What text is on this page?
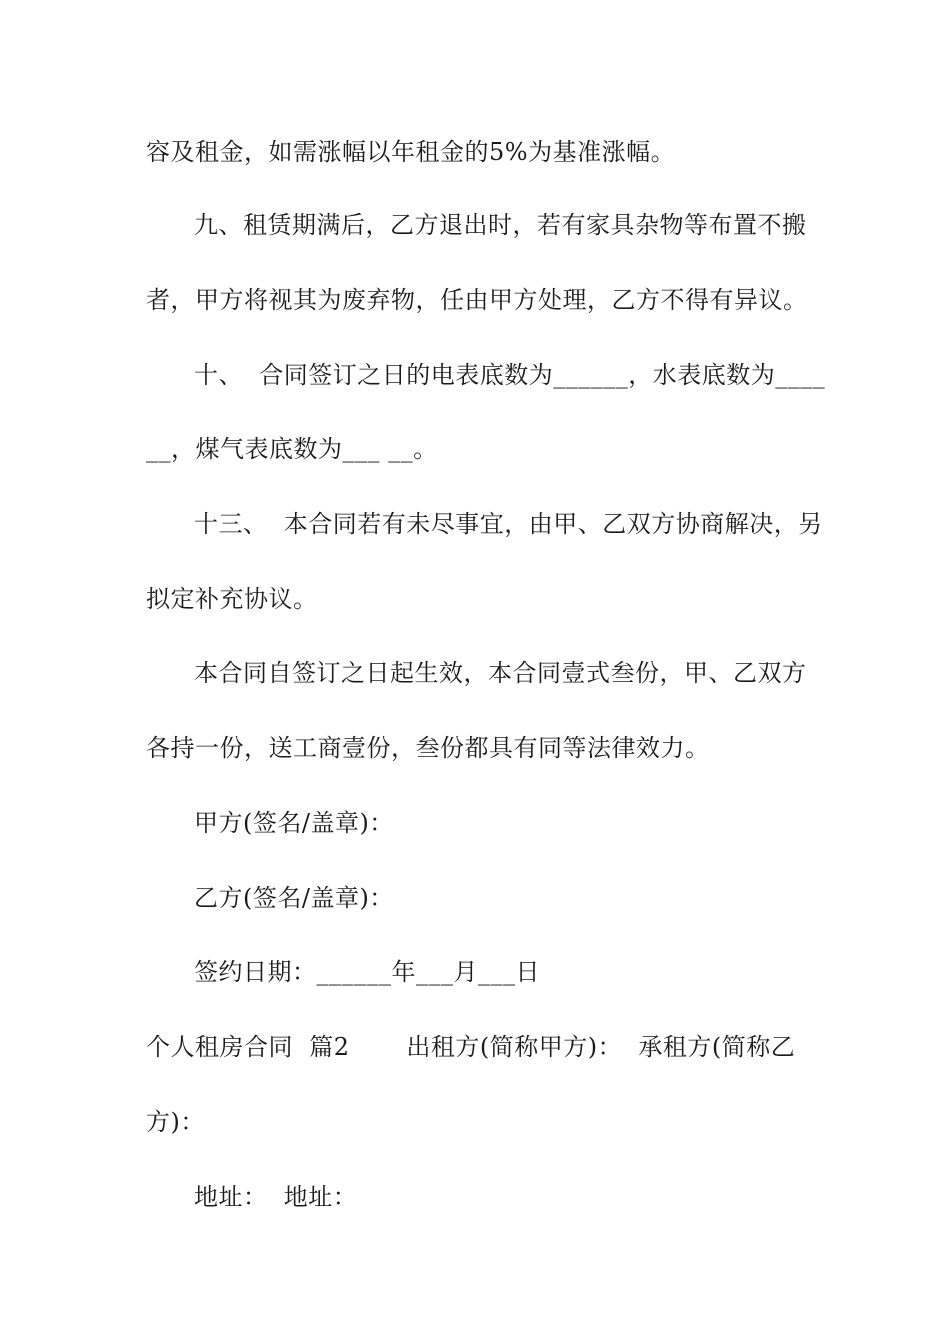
容及租金，如需涨幅以年租金的5%为基准涨幅。
九、租赁期满后，乙方退出时，若有家具杂物等布置不搬
者，甲方将视其为废弃物，任由甲方处理，乙方不得有异议。
十、  合同签订之日的电表底数为______，水表底数为____
__，煤气表底数为___ __。
十三、  本合同若有未尽事宜，由甲、乙双方协商解决，另
拟定补充协议。
本合同自签订之日起生效，本合同壹式叁份，甲、乙双方
各持一份，送工商壹份，叁份都具有同等法律效力。
甲方(签名/盖章)：
乙方(签名/盖章)：
签约日期：______年___月___日
个人租房合同  篇2       出租方(简称甲方)：  承租方(简称乙
方)：
地址：  地址：
